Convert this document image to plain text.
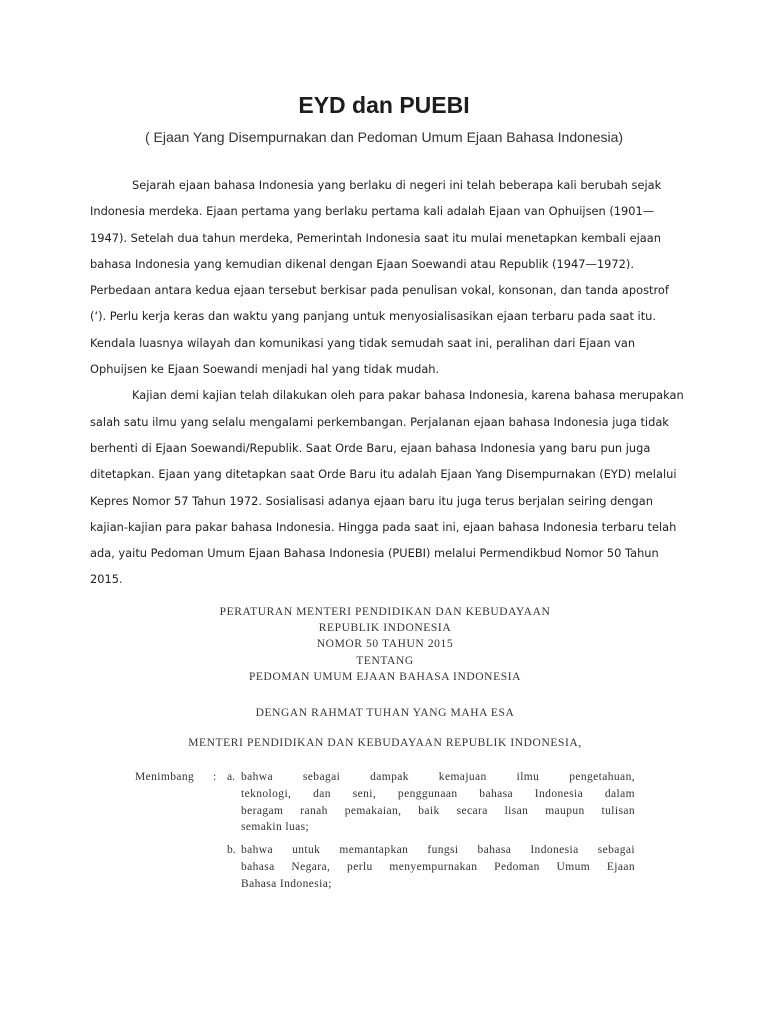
EYD dan PUEBI
( Ejaan Yang Disempurnakan dan Pedoman Umum Ejaan Bahasa Indonesia)

Sejarah ejaan bahasa Indonesia yang berlaku di negeri ini telah beberapa kali berubah sejak Indonesia merdeka. Ejaan pertama yang berlaku pertama kali adalah Ejaan van Ophuijsen (1901—1947). Setelah dua tahun merdeka, Pemerintah Indonesia saat itu mulai menetapkan kembali ejaan bahasa Indonesia yang kemudian dikenal dengan Ejaan Soewandi atau Republik (1947—1972). Perbedaan antara kedua ejaan tersebut berkisar pada penulisan vokal, konsonan, dan tanda apostrof (‘). Perlu kerja keras dan waktu yang panjang untuk menyosialisasikan ejaan terbaru pada saat itu. Kendala luasnya wilayah dan komunikasi yang tidak semudah saat ini, peralihan dari Ejaan van Ophuijsen ke Ejaan Soewandi menjadi hal yang tidak mudah.

Kajian demi kajian telah dilakukan oleh para pakar bahasa Indonesia, karena bahasa merupakan salah satu ilmu yang selalu mengalami perkembangan. Perjalanan ejaan bahasa Indonesia juga tidak berhenti di Ejaan Soewandi/Republik. Saat Orde Baru, ejaan bahasa Indonesia yang baru pun juga ditetapkan. Ejaan yang ditetapkan saat Orde Baru itu adalah Ejaan Yang Disempurnakan (EYD) melalui Kepres Nomor 57 Tahun 1972. Sosialisasi adanya ejaan baru itu juga terus berjalan seiring dengan kajian-kajian para pakar bahasa Indonesia. Hingga pada saat ini, ejaan bahasa Indonesia terbaru telah ada, yaitu Pedoman Umum Ejaan Bahasa Indonesia (PUEBI) melalui Permendikbud Nomor 50 Tahun 2015.

PERATURAN MENTERI PENDIDIKAN DAN KEBUDAYAAN
REPUBLIK INDONESIA
NOMOR 50 TAHUN 2015
TENTANG
PEDOMAN UMUM EJAAN BAHASA INDONESIA
DENGAN RAHMAT TUHAN YANG MAHA ESA
MENTERI PENDIDIKAN DAN KEBUDAYAAN REPUBLIK INDONESIA,
Menimbang	: a. bahwa sebagai dampak kemajuan ilmu pengetahuan,
teknologi, dan seni, penggunaan bahasa Indonesia dalam
beragam ranah pemakaian, baik secara lisan maupun tulisan
semakin luas;
b. bahwa untuk memantapkan fungsi bahasa Indonesia sebagai
bahasa Negara, perlu menyempurnakan Pedoman Umum Ejaan
Bahasa Indonesia;
